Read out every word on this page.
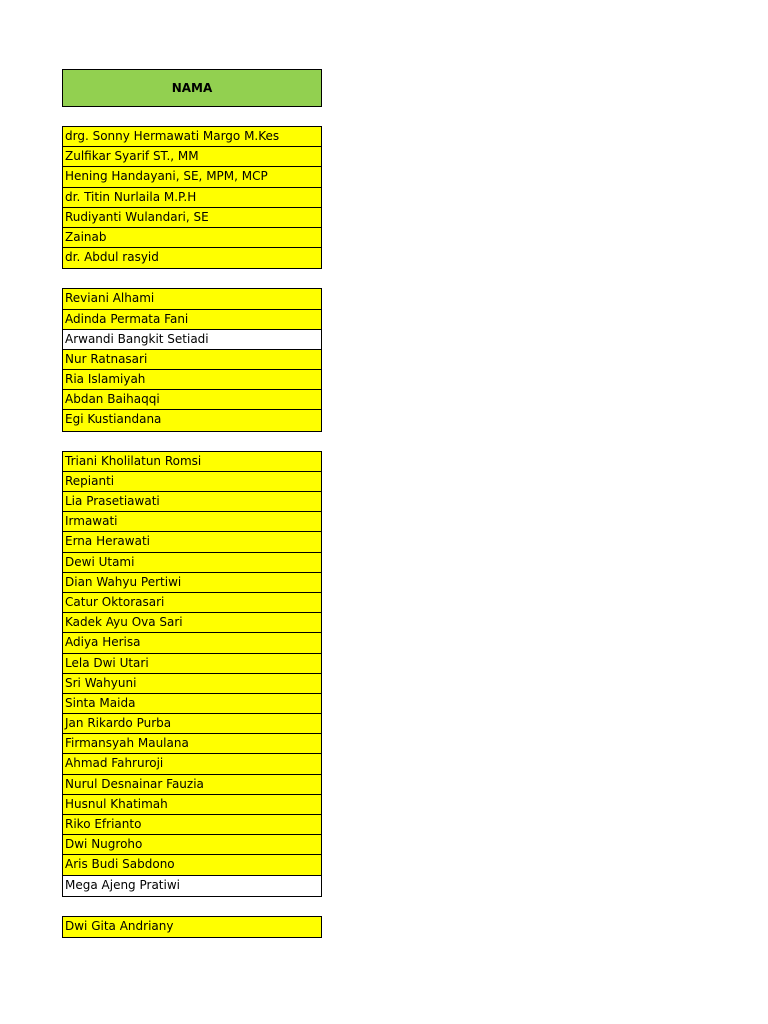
NAMA
drg. Sonny Hermawati Margo M.Kes
Zulfikar Syarif ST., MM
Hening Handayani, SE, MPM, MCP
dr. Titin Nurlaila M.P.H
Rudiyanti Wulandari, SE
Zainab
dr. Abdul rasyid
Reviani Alhami
Adinda Permata Fani
Arwandi Bangkit Setiadi
Nur Ratnasari
Ria Islamiyah
Abdan Baihaqqi
Egi Kustiandana
Triani Kholilatun Romsi
Repianti
Lia Prasetiawati
Irmawati
Erna Herawati
Dewi Utami
Dian Wahyu Pertiwi
Catur Oktorasari
Kadek Ayu Ova Sari
Adiya Herisa
Lela Dwi Utari
Sri Wahyuni
Sinta Maida
Jan Rikardo Purba
Firmansyah Maulana
Ahmad Fahruroji
Nurul Desnainar Fauzia
Husnul Khatimah
Riko Efrianto
Dwi Nugroho
Aris Budi Sabdono
Mega Ajeng Pratiwi
Dwi Gita Andriany
